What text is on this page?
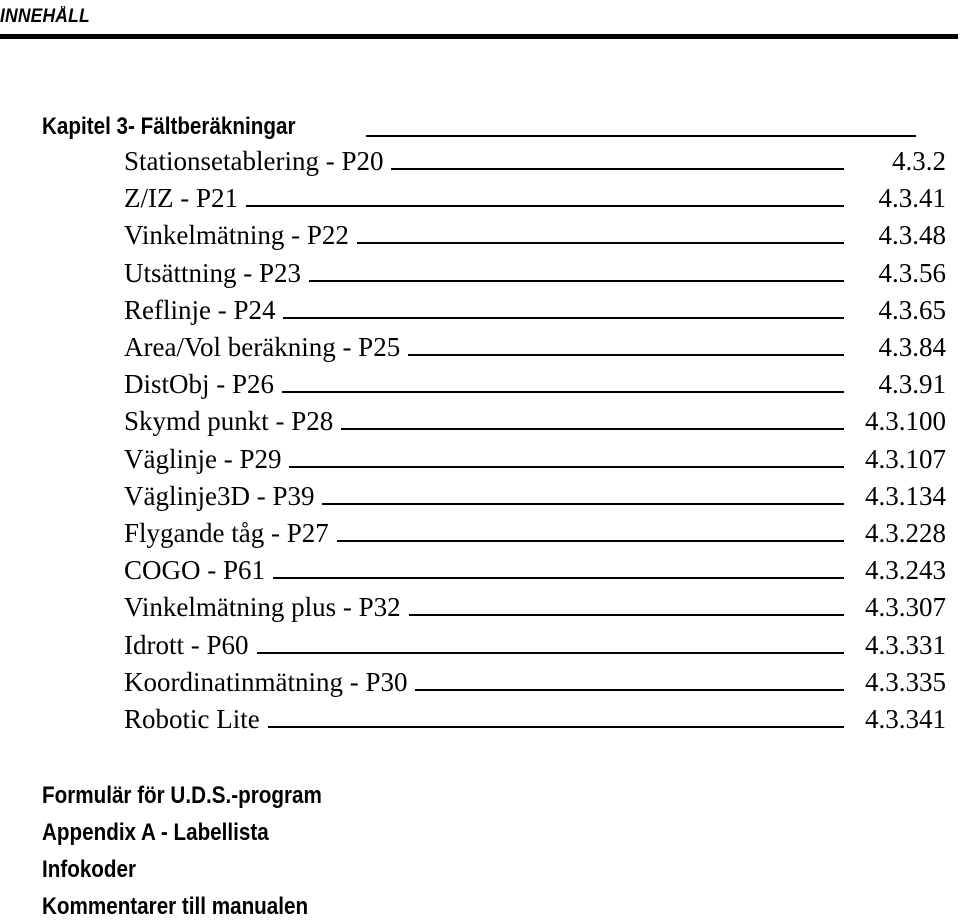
INNEHÅLL
Kapitel 3- Fältberäkningar
Stationsetablering - P20	4.3.2
Z/IZ - P21	4.3.41
Vinkelmätning - P22	4.3.48
Utsättning - P23	4.3.56
Reflinje - P24	4.3.65
Area/Vol beräkning - P25	4.3.84
DistObj - P26	4.3.91
Skymd punkt - P28	4.3.100
Väglinje - P29	4.3.107
Väglinje3D - P39	4.3.134
Flygande tåg - P27	4.3.228
COGO - P61	4.3.243
Vinkelmätning plus - P32	4.3.307
Idrott - P60	4.3.331
Koordinatinmätning - P30	4.3.335
Robotic Lite	4.3.341
Formulär för U.D.S.-program
Appendix A - Labellista
Infokoder
Kommentarer till manualen
